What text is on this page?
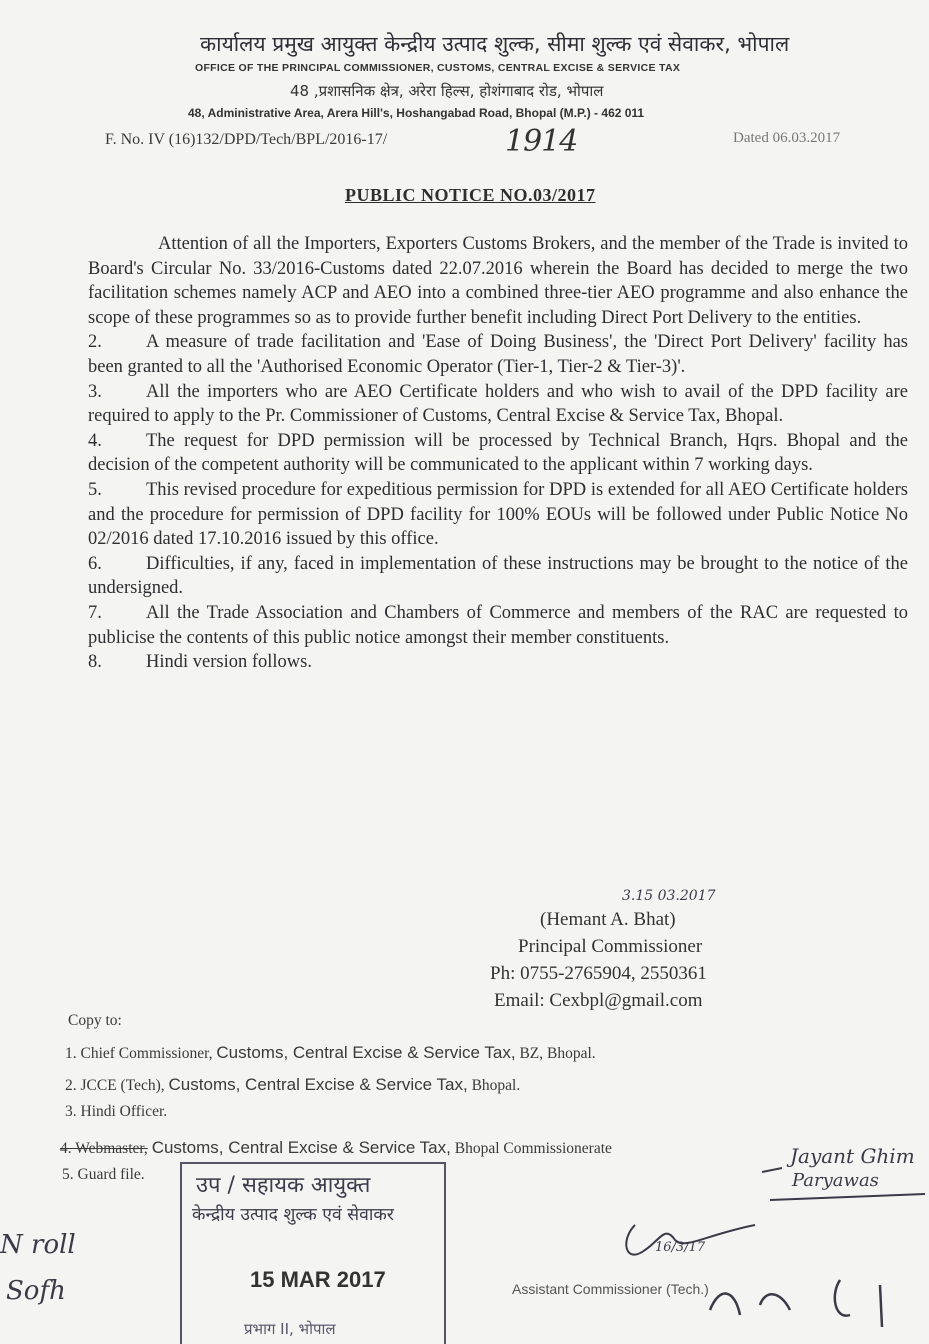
कार्यालय प्रमुख आयुक्त केन्द्रीय उत्पाद शुल्क, सीमा शुल्क एवं सेवाकर, भोपाल
OFFICE OF THE PRINCIPAL COMMISSIONER, CUSTOMS, CENTRAL EXCISE & SERVICE TAX
48 ,प्रशासनिक क्षेत्र, अरेरा हिल्स, होशंगाबाद रोड, भोपाल
48, Administrative Area, Arera Hill's, Hoshangabad Road, Bhopal (M.P.) - 462 011
F. No. IV (16)132/DPD/Tech/BPL/2016-17/	1914	Dated 06.03.2017
PUBLIC NOTICE NO.03/2017

Attention of all the Importers, Exporters Customs Brokers, and the member of the Trade is invited to Board's Circular No. 33/2016-Customs dated 22.07.2016 wherein the Board has decided to merge the two facilitation schemes namely ACP and AEO into a combined three-tier AEO programme and also enhance the scope of these programmes so as to provide further benefit including Direct Port Delivery to the entities.

2. A measure of trade facilitation and 'Ease of Doing Business', the 'Direct Port Delivery' facility has been granted to all the 'Authorised Economic Operator (Tier-1, Tier-2 & Tier-3)'.

3. All the importers who are AEO Certificate holders and who wish to avail of the DPD facility are required to apply to the Pr. Commissioner of Customs, Central Excise & Service Tax, Bhopal.

4. The request for DPD permission will be processed by Technical Branch, Hqrs. Bhopal and the decision of the competent authority will be communicated to the applicant within 7 working days.

5. This revised procedure for expeditious permission for DPD is extended for all AEO Certificate holders and the procedure for permission of DPD facility for 100% EOUs will be followed under Public Notice No 02/2016 dated 17.10.2016 issued by this office.

6. Difficulties, if any, faced in implementation of these instructions may be brought to the notice of the undersigned.

7. All the Trade Association and Chambers of Commerce and members of the RAC are requested to publicise the contents of this public notice amongst their member constituents.

8. Hindi version follows.

3.15 03.2017
(Hemant A. Bhat)
Principal Commissioner
Ph: 0755-2765904, 2550361
Email: Cexbpl@gmail.com
Copy to:
1. Chief Commissioner, Customs, Central Excise & Service Tax, BZ, Bhopal.
2. JCCE (Tech), Customs, Central Excise & Service Tax, Bhopal.
3. Hindi Officer.
4. Webmaster, Customs, Central Excise & Service Tax, Bhopal Commissionerate
5. Guard file. उप / सहायक आयुक्त
केन्द्रीय उत्पाद शुल्क एवं सेवाकर
15 MAR 2017
प्रभाग II, भोपाल
Jayant Ghim
Paryawas
16/3/17
N roll
Sofh	Assistant Commissioner (Tech.)
